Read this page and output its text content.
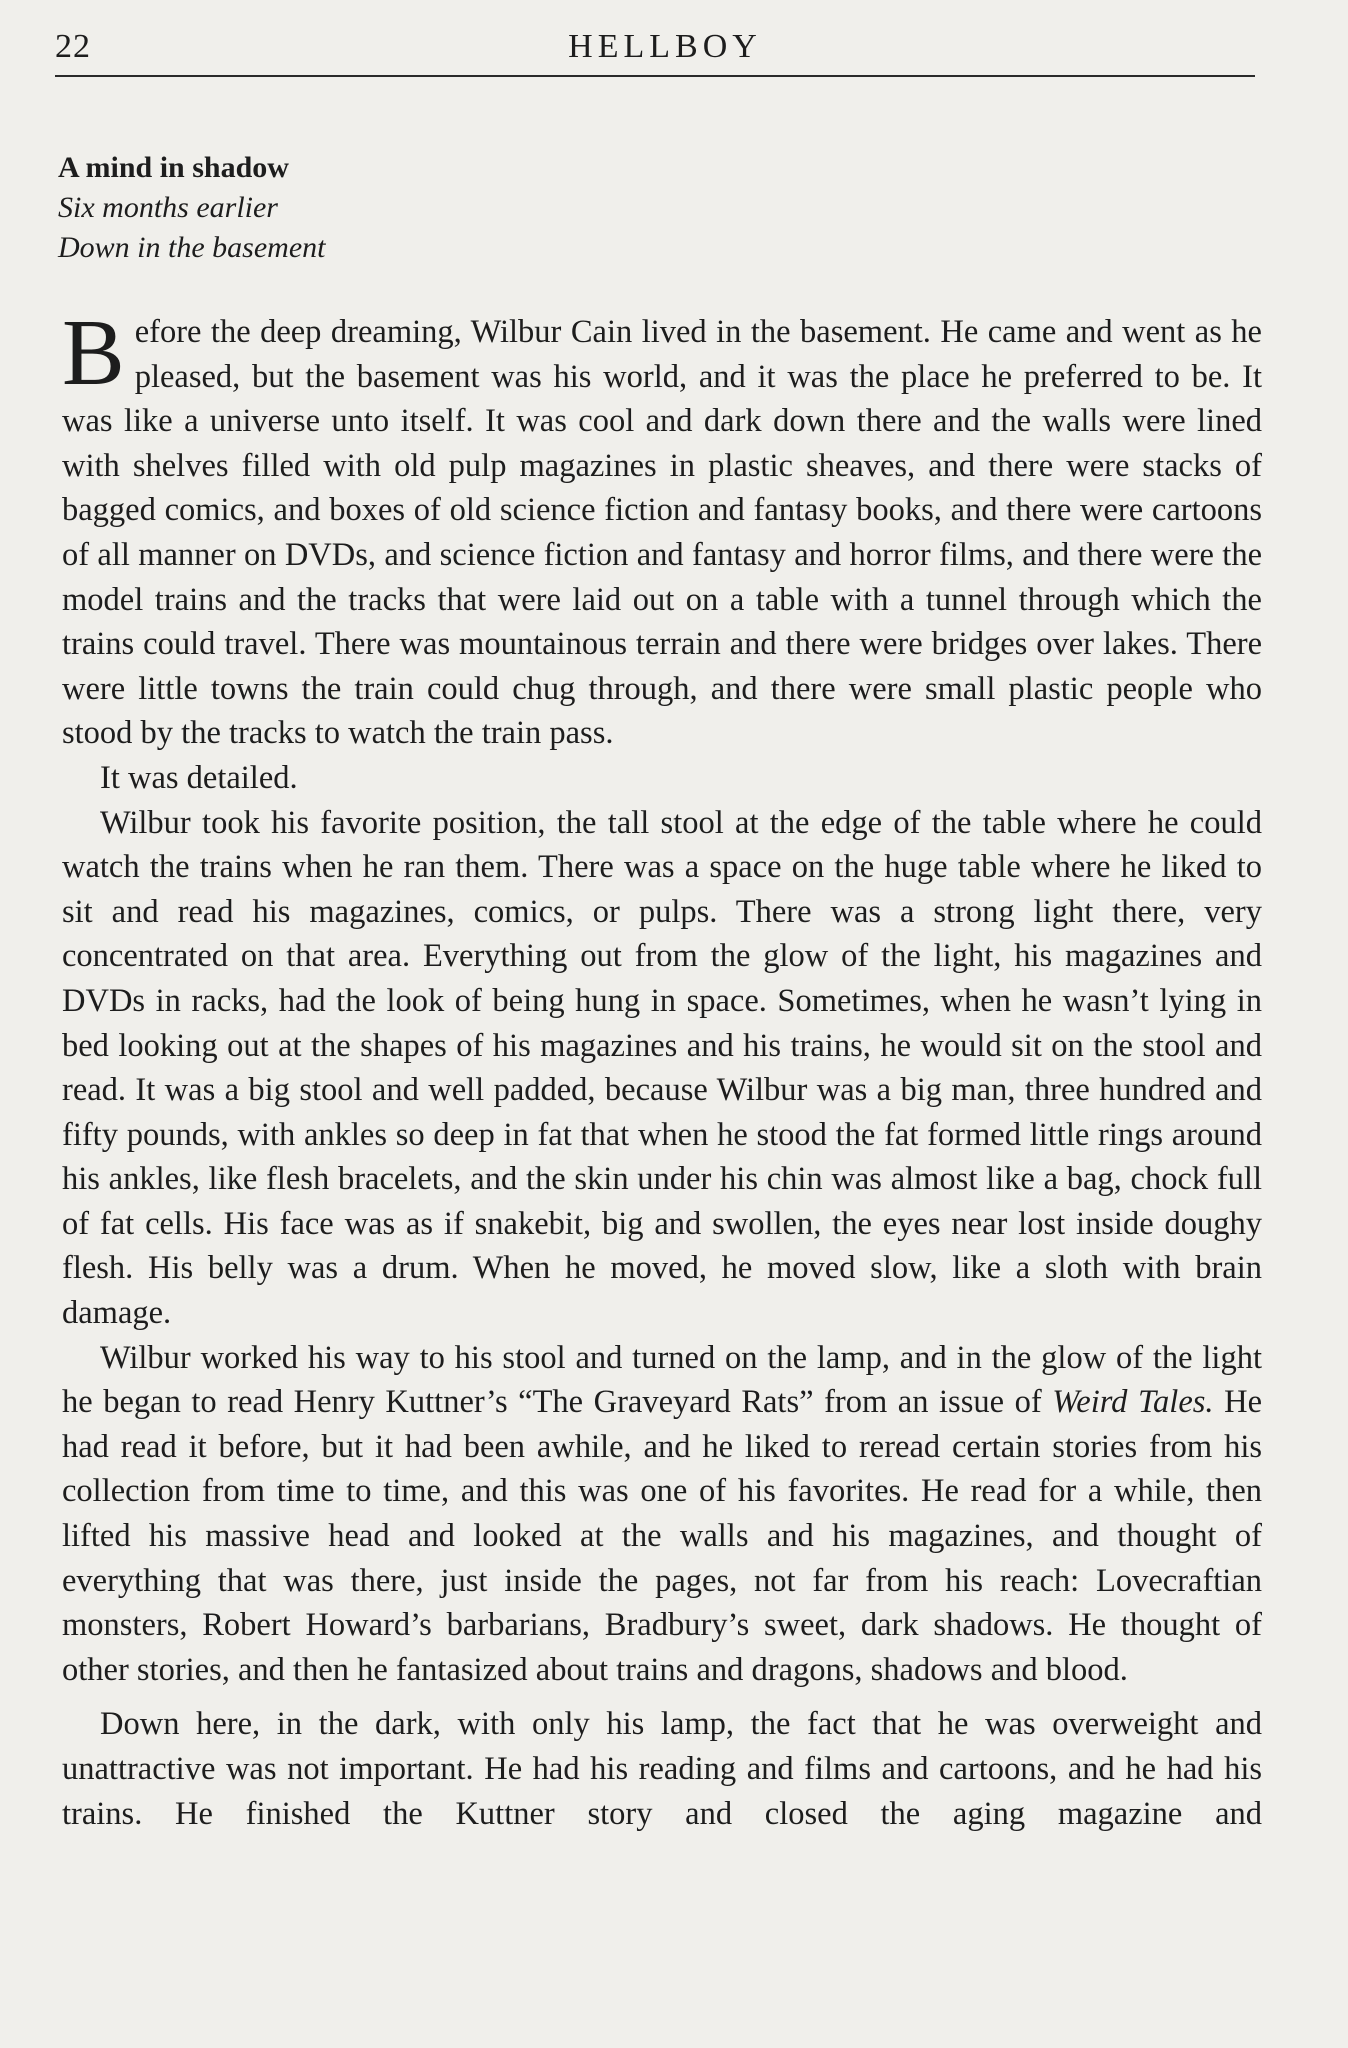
22	HELLBOY
A mind in shadow
Six months earlier
Down in the basement

Before the deep dreaming, Wilbur Cain lived in the basement. He came and went as he pleased, but the basement was his world, and it was the place he preferred to be. It was like a universe unto itself. It was cool and dark down there and the walls were lined with shelves filled with old pulp magazines in plastic sheaves, and there were stacks of bagged comics, and boxes of old science fiction and fantasy books, and there were cartoons of all manner on DVDs, and science fiction and fantasy and horror films, and there were the model trains and the tracks that were laid out on a table with a tunnel through which the trains could travel. There was mountainous terrain and there were bridges over lakes. There were little towns the train could chug through, and there were small plastic people who stood by the tracks to watch the train pass.

It was detailed.

Wilbur took his favorite position, the tall stool at the edge of the table where he could watch the trains when he ran them. There was a space on the huge table where he liked to sit and read his magazines, comics, or pulps. There was a strong light there, very concentrated on that area. Everything out from the glow of the light, his magazines and DVDs in racks, had the look of being hung in space. Sometimes, when he wasn’t lying in bed looking out at the shapes of his magazines and his trains, he would sit on the stool and read. It was a big stool and well padded, because Wilbur was a big man, three hundred and fifty pounds, with ankles so deep in fat that when he stood the fat formed little rings around his ankles, like flesh bracelets, and the skin under his chin was almost like a bag, chock full of fat cells. His face was as if snakebit, big and swollen, the eyes near lost inside doughy flesh. His belly was a drum. When he moved, he moved slow, like a sloth with brain damage.

Wilbur worked his way to his stool and turned on the lamp, and in the glow of the light he began to read Henry Kuttner’s “The Graveyard Rats” from an issue of Weird Tales. He had read it before, but it had been awhile, and he liked to reread certain stories from his collection from time to time, and this was one of his favorites. He read for a while, then lifted his massive head and looked at the walls and his magazines, and thought of everything that was there, just inside the pages, not far from his reach: Lovecraftian monsters, Robert Howard’s barbarians, Bradbury’s sweet, dark shadows. He thought of other stories, and then he fantasized about trains and dragons, shadows and blood.

Down here, in the dark, with only his lamp, the fact that he was overweight and unattractive was not important. He had his reading and films and cartoons, and he had his trains. He finished the Kuttner story and closed the aging magazine and
